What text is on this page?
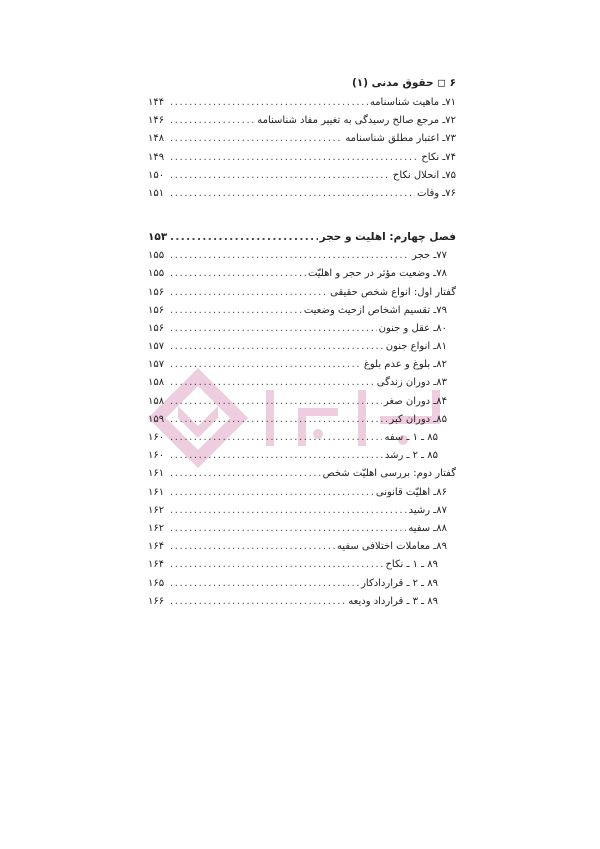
۶ ◻ حقوق مدنی (۱)
۷۱ـ ماهیت شناسنامه
.....
۱۴۴
۷۲ـ مرجع صالح رسیدگی به تغییر مفاد شناسنامه
.....
۱۴۶
۷۳ـ اعتبار مطلق شناسنامه
.....
۱۴۸
۷۴ـ نکاح
.....
۱۴۹
۷۵ـ انحلال نکاح
.....
۱۵۰
۷۶ـ وفات
.....
۱۵۱
فصل چهارم: اهلیت و حجر
.....
۱۵۳
۷۷ـ حجر
.....
۱۵۵
۷۸ـ وضعیت مؤثر در حجر و اهلیّت
.....
۱۵۵
گفتار اول: انواع شخص حقیقی
.....
۱۵۶
۷۹ـ تقسیم اشخاص ازحیث وضعیت
.....
۱۵۶
۸۰ـ عقل و جنون
.....
۱۵۶
۸۱ـ انواع جنون
.....
۱۵۷
۸۲ـ بلوغ و عدم بلوغ
.....
۱۵۷
۸۳ـ دوران زندگی
.....
۱۵۸
۸۴ـ دوران صغر
.....
۱۵۸
۸۵ـ دوران کبر
.....
۱۵۹
۸۵ ـ ۱ ـ سفه
.....
۱۶۰
۸۵ ـ ۲ ـ رشد
.....
۱۶۰
گفتار دوم: بررسی اهلیّت شخص
.....
۱۶۱
۸۶ـ اهلیّت قانونی
.....
۱۶۱
۸۷ـ رشید
.....
۱۶۲
۸۸ـ سفیه
.....
۱۶۲
۸۹ـ معاملات اختلافی سفیه
.....
۱۶۴
۸۹ ـ ۱ ـ نکاح
.....
۱۶۴
۸۹ ـ ۲ ـ قراردادکار
.....
۱۶۵
۸۹ ـ ۳ ـ قرارداد ودیعه
.....
۱۶۶
